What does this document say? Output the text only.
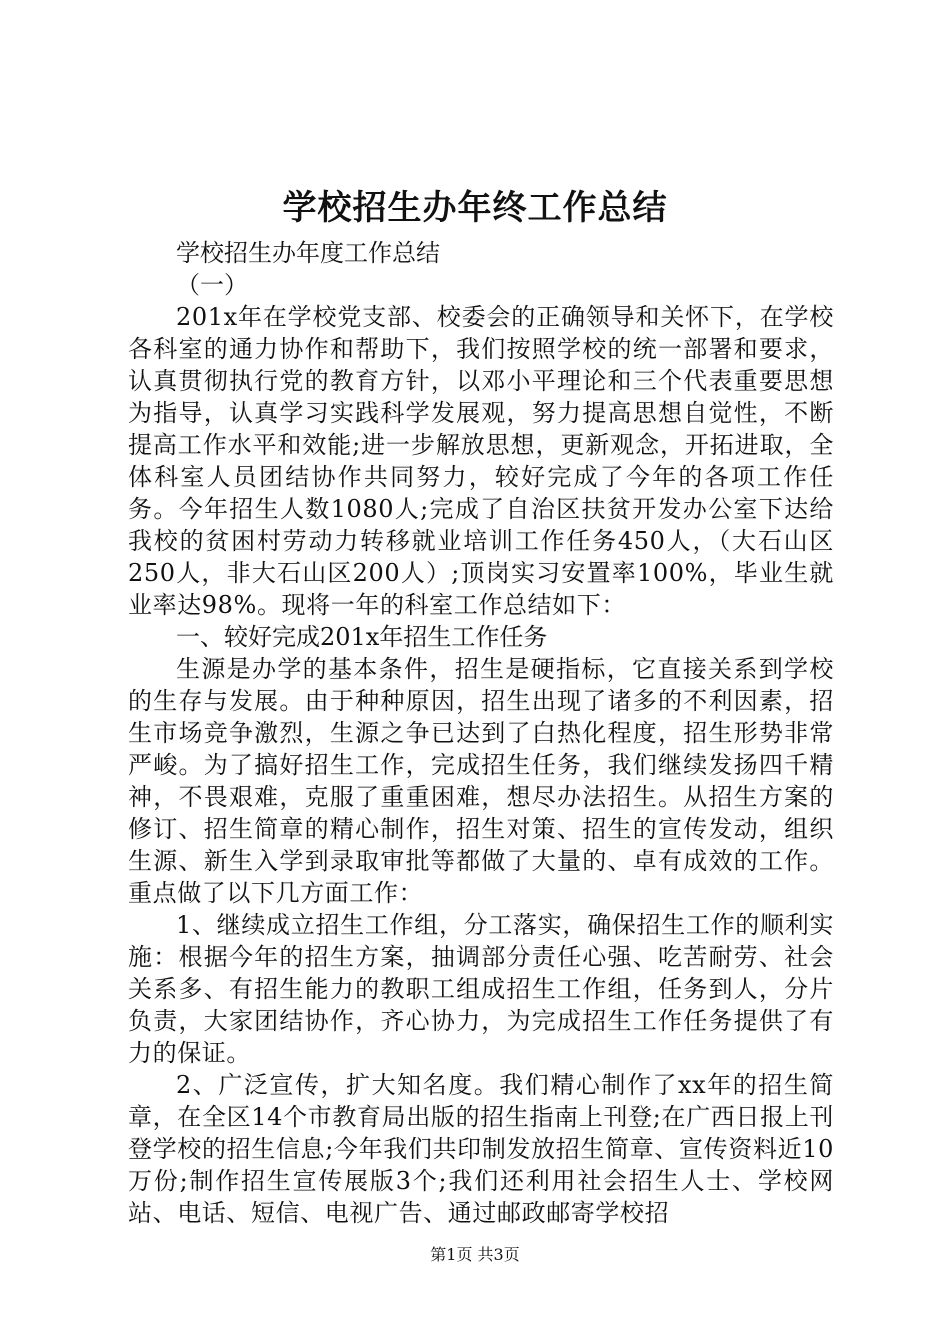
学校招生办年终工作总结

学校招生办年度工作总结

（一）

201x年在学校党支部、校委会的正确领导和关怀下，在学校各科室的通力协作和帮助下，我们按照学校的统一部署和要求，认真贯彻执行党的教育方针，以邓小平理论和三个代表重要思想为指导，认真学习实践科学发展观，努力提高思想自觉性，不断提高工作水平和效能;进一步解放思想，更新观念，开拓进取，全体科室人员团结协作共同努力，较好完成了今年的各项工作任务。今年招生人数1080人;完成了自治区扶贫开发办公室下达给我校的贫困村劳动力转移就业培训工作任务450人，（大石山区250人，非大石山区200人）;顶岗实习安置率100%，毕业生就业率达98%。现将一年的科室工作总结如下：

一、较好完成201x年招生工作任务

生源是办学的基本条件，招生是硬指标，它直接关系到学校的生存与发展。由于种种原因，招生出现了诸多的不利因素，招生市场竞争激烈，生源之争已达到了白热化程度，招生形势非常严峻。为了搞好招生工作，完成招生任务，我们继续发扬四千精神，不畏艰难，克服了重重困难，想尽办法招生。从招生方案的修订、招生简章的精心制作，招生对策、招生的宣传发动，组织生源、新生入学到录取审批等都做了大量的、卓有成效的工作。重点做了以下几方面工作：

1、继续成立招生工作组，分工落实，确保招生工作的顺利实施：根据今年的招生方案，抽调部分责任心强、吃苦耐劳、社会关系多、有招生能力的教职工组成招生工作组，任务到人，分片负责，大家团结协作，齐心协力，为完成招生工作任务提供了有力的保证。

2、广泛宣传，扩大知名度。我们精心制作了xx年的招生简章，在全区14个市教育局出版的招生指南上刊登;在广西日报上刊登学校的招生信息;今年我们共印制发放招生简章、宣传资料近10万份;制作招生宣传展版3个;我们还利用社会招生人士、学校网站、电话、短信、电视广告、通过邮政邮寄学校招

第1页 共3页
